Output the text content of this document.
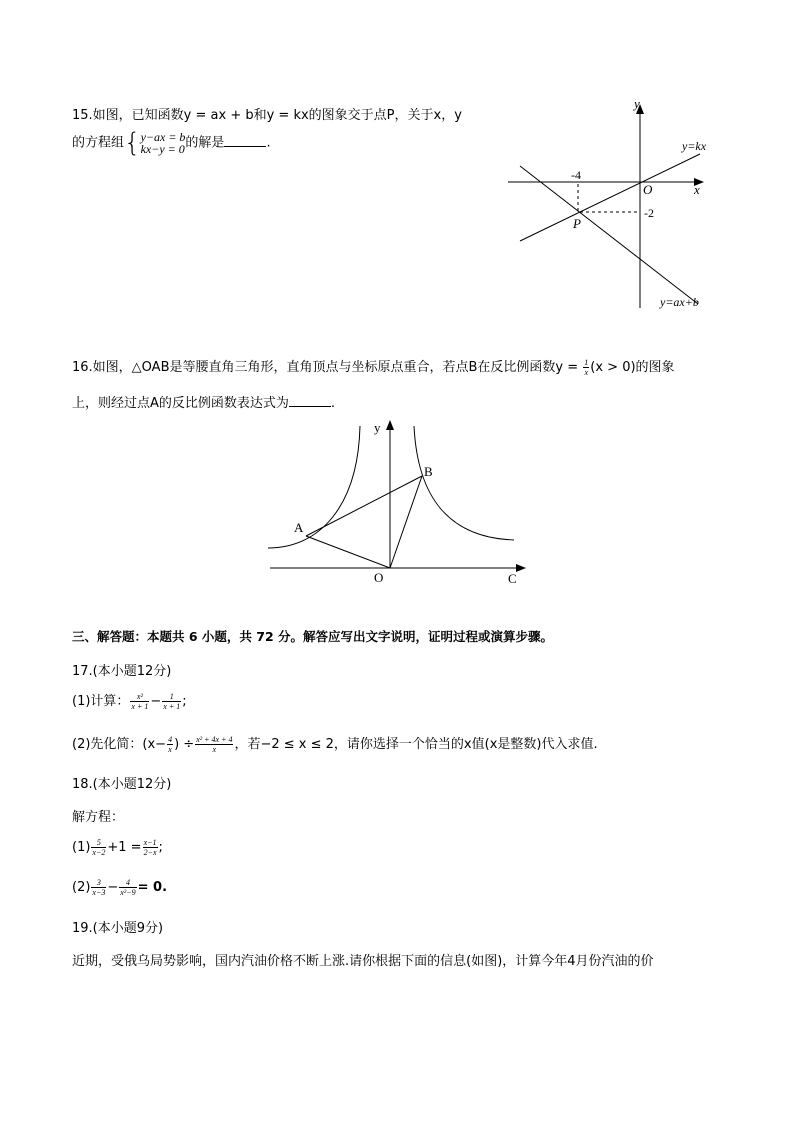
15.如图，已知函数y = ax + b和y = kx的图象交于点P，关于x，y
的方程组{ y−ax = b
kx−y = 0 的解是	.
y
x
O
-4
-2
P
y=kx
y=ax+b
16.如图，△OAB是等腰直角三角形，直角顶点与坐标原点重合，若点B在反比例函数$y = \frac{1}{x} (x > 0)$的图象
上，则经过点A的反比例函数表达式为	.
y
O
A
B
C
三、解答题：本题共 6 小题，共 72 分。解答应写出文字说明，证明过程或演算步骤。
17.(本小题12分)
(1)计算： $\frac{\text{x²}}{x + 1} - \frac{1}{x + 1}$ ;
(2)先化简：($x- \frac{4}{x}$ ) ÷ $\frac{\text{x² + 4x + 4}}{x}$ ，若−2 ≤ x ≤ 2，请你选择一个恰当的x值(x是整数)代入求值.
18.(本小题12分)
解方程：
$(1) \frac{5}{x-2} +1 = \frac{x-1}{2-x}$ ;
$(2) \frac{3}{x-3} - \frac{4}{\text{x²−9}} = 0$.
19.(本小题9分)
近期，受俄乌局势影响，国内汽油价格不断上涨.请你根据下面的信息(如图)，计算今年4月份汽油的价
